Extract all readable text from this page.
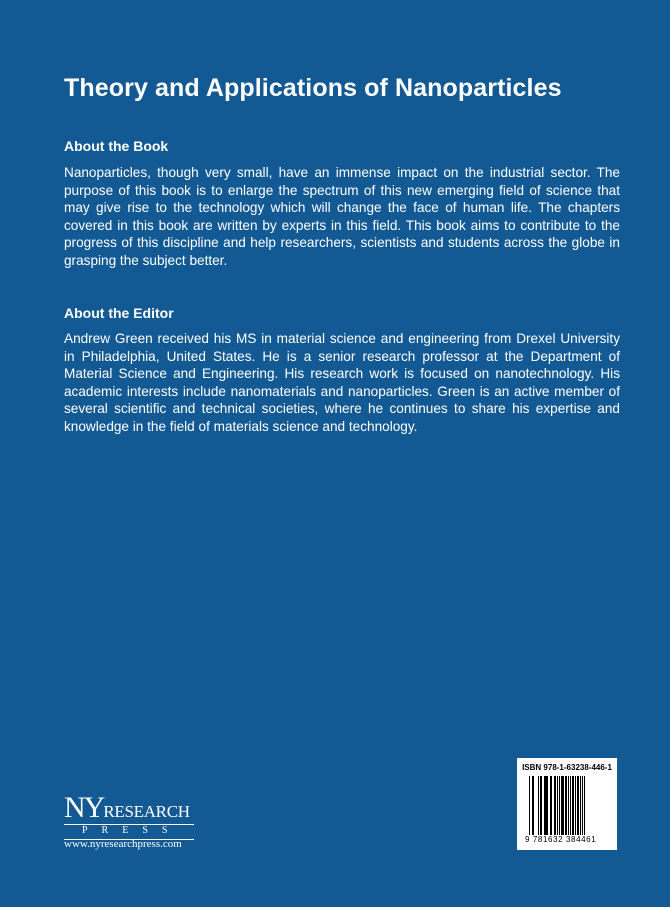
Theory and Applications of Nanoparticles
About the Book
Nanoparticles, though very small, have an immense impact on the industrial sector. The purpose of this book is to enlarge the spectrum of this new emerging field of science that may give rise to the technology which will change the face of human life. The chapters covered in this book are written by experts in this field. This book aims to contribute to the progress of this discipline and help researchers, scientists and students across the globe in grasping the subject better.
About the Editor
Andrew Green received his MS in material science and engineering from Drexel University in Philadelphia, United States. He is a senior research professor at the Department of Material Science and Engineering. His research work is focused on nanotechnology. His academic interests include nanomaterials and nanoparticles. Green is an active member of several scientific and technical societies, where he continues to share his expertise and knowledge in the field of materials science and technology.
NYRESEARCH
PRESS
www.nyresearchpress.com
ISBN 978-1-63238-446-1
9 781632 384461
